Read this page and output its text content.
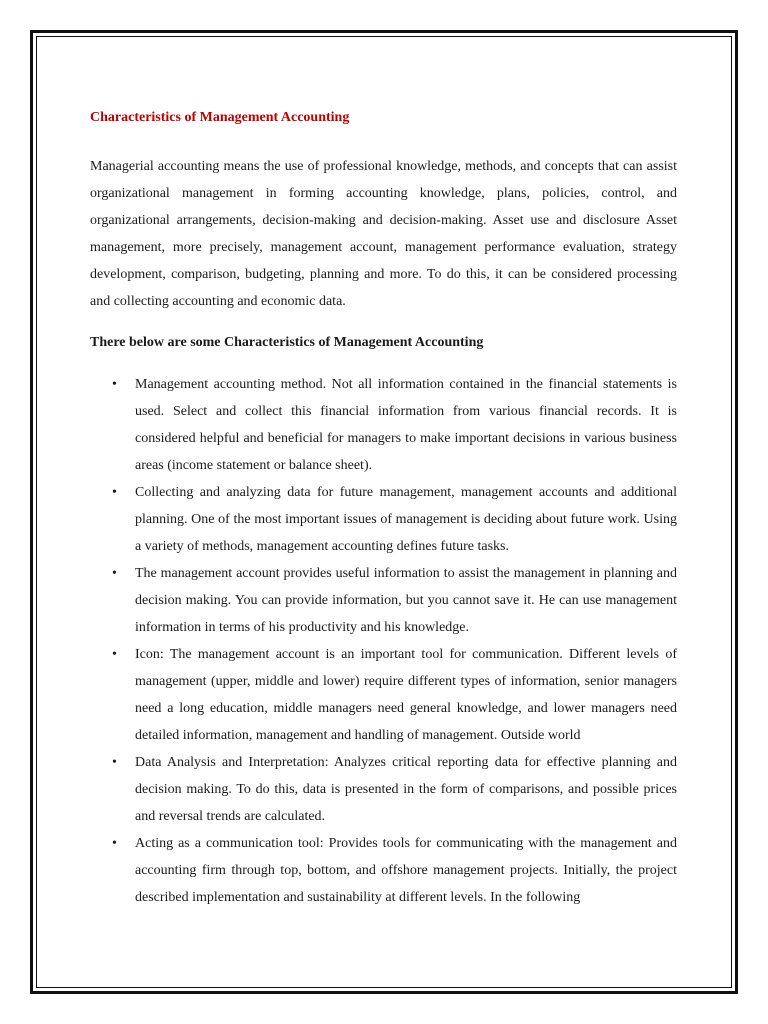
Characteristics of Management Accounting

Managerial accounting means the use of professional knowledge, methods, and concepts that can assist organizational management in forming accounting knowledge, plans, policies, control, and organizational arrangements, decision-making and decision-making. Asset use and disclosure Asset management, more precisely, management account, management performance evaluation, strategy development, comparison, budgeting, planning and more. To do this, it can be considered processing and collecting accounting and economic data.

There below are some Characteristics of Management Accounting
• Management accounting method. Not all information contained in the financial statements is used. Select and collect this financial information from various financial records. It is considered helpful and beneficial for managers to make important decisions in various business areas (income statement or balance sheet).
• Collecting and analyzing data for future management, management accounts and additional planning. One of the most important issues of management is deciding about future work. Using a variety of methods, management accounting defines future tasks.
• The management account provides useful information to assist the management in planning and decision making. You can provide information, but you cannot save it. He can use management information in terms of his productivity and his knowledge.
• Icon: The management account is an important tool for communication. Different levels of management (upper, middle and lower) require different types of information, senior managers need a long education, middle managers need general knowledge, and lower managers need detailed information, management and handling of management. Outside world
• Data Analysis and Interpretation: Analyzes critical reporting data for effective planning and decision making. To do this, data is presented in the form of comparisons, and possible prices and reversal trends are calculated.
• Acting as a communication tool: Provides tools for communicating with the management and accounting firm through top, bottom, and offshore management projects. Initially, the project described implementation and sustainability at different levels. In the following
